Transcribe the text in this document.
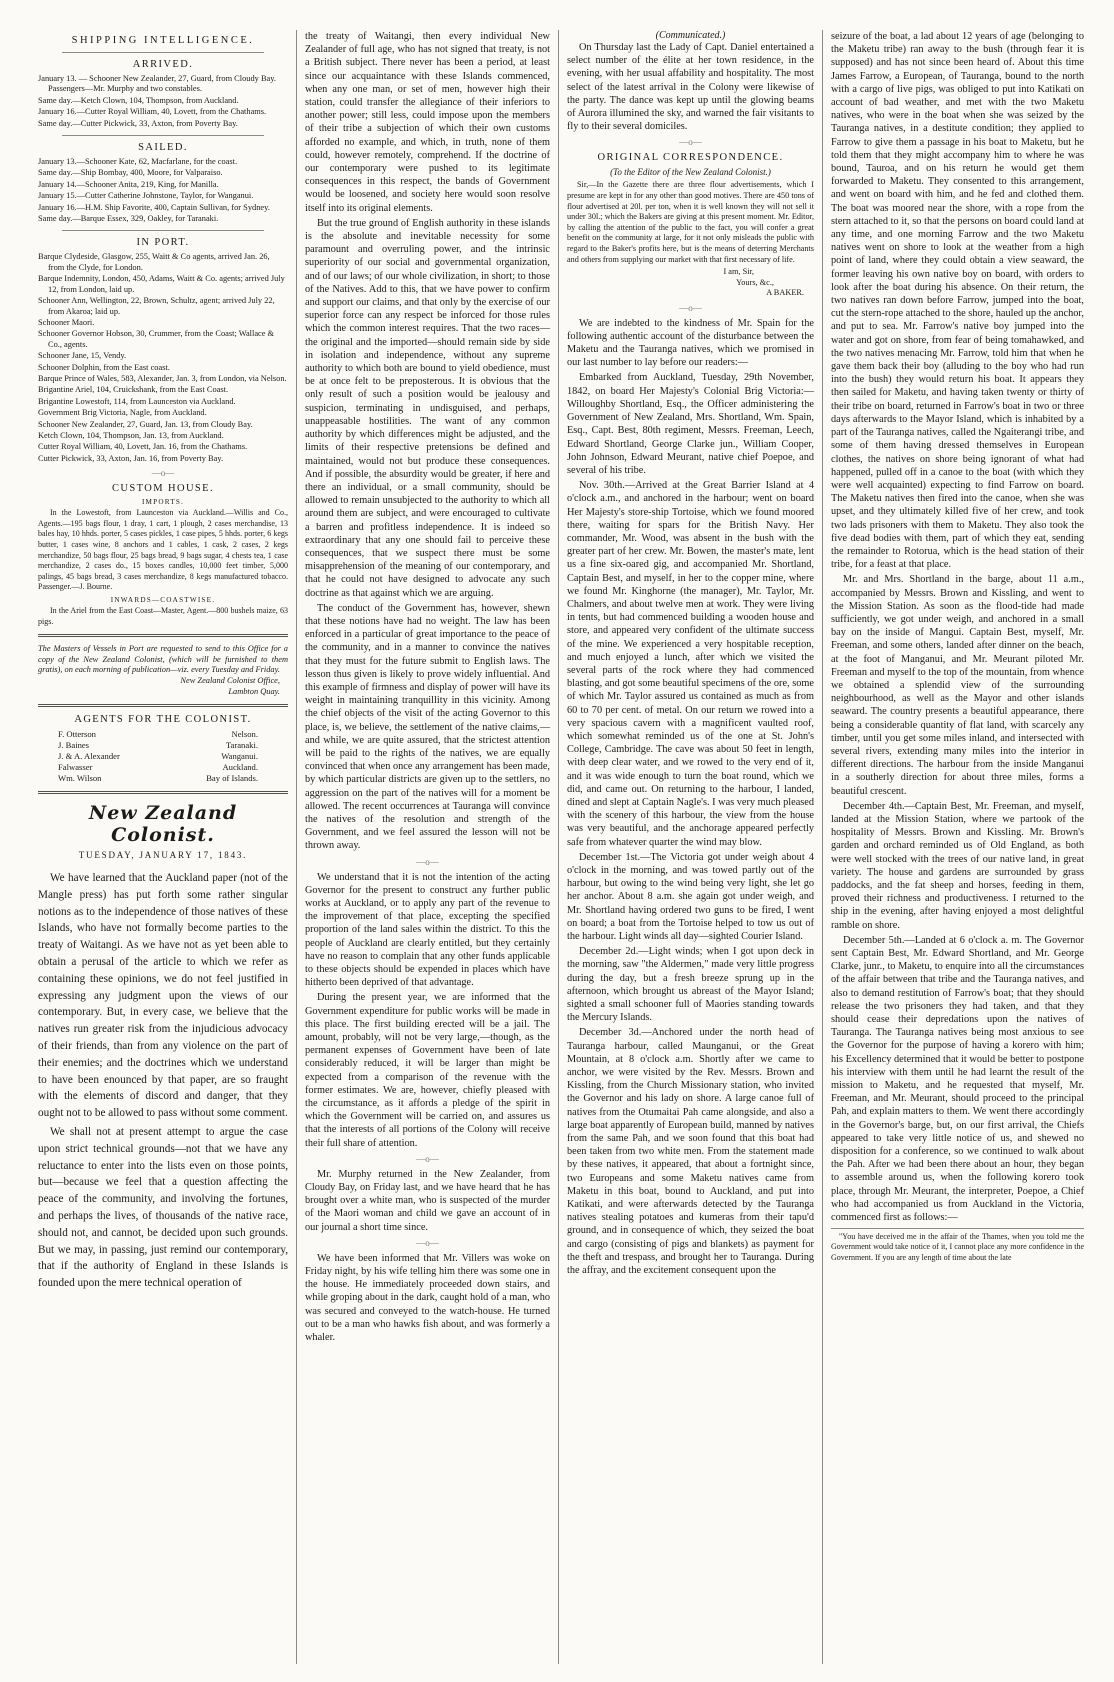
SHIPPING INTELLIGENCE.
ARRIVED.
January 13. — Schooner New Zealander, 27, Guard, from Cloudy Bay. Passengers—Mr. Murphy and two constables.
Same day.—Ketch Clown, 104, Thompson, from Auckland.
January 16.—Cutter Royal William, 40, Lovett, from the Chathams.
Same day.—Cutter Pickwick, 33, Axton, from Poverty Bay.
SAILED.
January 13.—Schooner Kate, 62, Macfarlane, for the coast.
Same day.—Ship Bombay, 400, Moore, for Valparaiso.
January 14.—Schooner Anita, 219, King, for Manilla.
January 15.—Cutter Catherine Johnstone, Taylor, for Wanganui.
January 16.—H.M. Ship Favorite, 400, Captain Sullivan, for Sydney.
Same day.—Barque Essex, 329, Oakley, for Taranaki.
IN PORT.
Barque Clydeside, Glasgow, 255, Waitt & Co agents, arrived Jan. 26, from the Clyde, for London.
Barque Indemnity, London, 450, Adams, Waitt & Co. agents; arrived July 12, from London, laid up.
Schooner Ann, Wellington, 22, Brown, Schultz, agent; arrived July 22, from Akaroa; laid up.
Schooner Maori.
Schooner Governor Hobson, 30, Crummer, from the Coast; Wallace & Co., agents.
Schooner Jane, 15, Vendy.
Schooner Dolphin, from the East coast.
Barque Prince of Wales, 583, Alexander, Jan. 3, from London, via Nelson.
Brigantine Ariel, 104, Cruickshank, from the East Coast.
Brigantine Lowestoft, 114, from Launceston via Auckland.
Government Brig Victoria, Nagle, from Auckland.
Schooner New Zealander, 27, Guard, Jan. 13, from Cloudy Bay.
Ketch Clown, 104, Thompson, Jan. 13, from Auckland.
Cutter Royal William, 40, Lovett, Jan. 16, from the Chathams.
Cutter Pickwick, 33, Axton, Jan. 16, from Poverty Bay.
—o—
CUSTOM HOUSE.
IMPORTS.

In the Lowestoft, from Launceston via Auckland.—Willis and Co., Agents.—195 bags flour, 1 dray, 1 cart, 1 plough, 2 cases merchandise, 13 bales hay, 10 hhds. porter, 5 cases pickles, 1 case pipes, 5 hhds. porter, 6 kegs butter, 1 cases wine, 8 anchors and 1 cables, 1 cask, 2 cases, 2 kegs merchandize, 50 bags flour, 25 bags bread, 9 bags sugar, 4 chests tea, 1 case merchandize, 2 cases do., 15 boxes candles, 10,000 feet timber, 5,000 palings, 45 bags bread, 3 cases merchandize, 8 kegs manufactured tobacco. Passenger.—J. Bourne.

INWARDS—COASTWISE.

In the Ariel from the East Coast—Master, Agent.—800 bushels maize, 63 pigs.

The Masters of Vessels in Port are requested to send to this Office for a copy of the New Zealand Colonist, (which will be furnished to them gratis), on each morning of publication—viz. every Tuesday and Friday.
New Zealand Colonist Office,
Lambton Quay.
AGENTS FOR THE COLONIST.
F. Otterson	Nelson.
J. Baines	Taranaki.
J. & A. Alexander	Wanganui.
Falwasser	Auckland.
Wm. Wilson	Bay of Islands.
New Zealand Colonist.
TUESDAY, JANUARY 17, 1843.

We have learned that the Auckland paper (not of the Mangle press) has put forth some rather singular notions as to the independence of those natives of these Islands, who have not formally become parties to the treaty of Waitangi. As we have not as yet been able to obtain a perusal of the article to which we refer as containing these opinions, we do not feel justified in expressing any judgment upon the views of our contemporary. But, in every case, we believe that the natives run greater risk from the injudicious advocacy of their friends, than from any violence on the part of their enemies; and the doctrines which we understand to have been enounced by that paper, are so fraught with the elements of discord and danger, that they ought not to be allowed to pass without some comment.

We shall not at present attempt to argue the case upon strict technical grounds—not that we have any reluctance to enter into the lists even on those points, but—because we feel that a question affecting the peace of the community, and involving the fortunes, and perhaps the lives, of thousands of the native race, should not, and cannot, be decided upon such grounds. But we may, in passing, just remind our contemporary, that if the authority of England in these Islands is founded upon the mere technical operation of

the treaty of Waitangi, then every individual New Zealander of full age, who has not signed that treaty, is not a British subject. There never has been a period, at least since our acquaintance with these Islands commenced, when any one man, or set of men, however high their station, could transfer the allegiance of their inferiors to another power; still less, could impose upon the members of their tribe a subjection of which their own customs afforded no example, and which, in truth, none of them could, however remotely, comprehend. If the doctrine of our contemporary were pushed to its legitimate consequences in this respect, the bands of Government would be loosened, and society here would soon resolve itself into its original elements.

But the true ground of English authority in these islands is the absolute and inevitable necessity for some paramount and overruling power, and the intrinsic superiority of our social and governmental organization, and of our laws; of our whole civilization, in short; to those of the Natives. Add to this, that we have power to confirm and support our claims, and that only by the exercise of our superior force can any respect be inforced for those rules which the common interest requires. That the two races—the original and the imported—should remain side by side in isolation and independence, without any supreme authority to which both are bound to yield obedience, must be at once felt to be preposterous. It is obvious that the only result of such a position would be jealousy and suspicion, terminating in undisguised, and perhaps, unappeasable hostilities. The want of any common authority by which differences might be adjusted, and the limits of their respective pretensions be defined and maintained, would not but produce these consequences. And if possible, the absurdity would be greater, if here and there an individual, or a small community, should be allowed to remain unsubjected to the authority to which all around them are subject, and were encouraged to cultivate a barren and profitless independence. It is indeed so extraordinary that any one should fail to perceive these consequences, that we suspect there must be some misapprehension of the meaning of our contemporary, and that he could not have designed to advocate any such doctrine as that against which we are arguing.

The conduct of the Government has, however, shewn that these notions have had no weight. The law has been enforced in a particular of great importance to the peace of the community, and in a manner to convince the natives that they must for the future submit to English laws. The lesson thus given is likely to prove widely influential. And this example of firmness and display of power will have its weight in maintaining tranquillity in this vicinity. Among the chief objects of the visit of the acting Governor to this place, is, we believe, the settlement of the native claims,—and while, we are quite assured, that the strictest attention will be paid to the rights of the natives, we are equally convinced that when once any arrangement has been made, by which particular districts are given up to the settlers, no aggression on the part of the natives will for a moment be allowed. The recent occurrences at Tauranga will convince the natives of the resolution and strength of the Government, and we feel assured the lesson will not be thrown away.

—o—

We understand that it is not the intention of the acting Governor for the present to construct any further public works at Auckland, or to apply any part of the revenue to the improvement of that place, excepting the specified proportion of the land sales within the district. To this the people of Auckland are clearly entitled, but they certainly have no reason to complain that any other funds applicable to these objects should be expended in places which have hitherto been deprived of that advantage.

During the present year, we are informed that the Government expenditure for public works will be made in this place. The first building erected will be a jail. The amount, probably, will not be very large,—though, as the permanent expenses of Government have been of late considerably reduced, it will be larger than might be expected from a comparison of the revenue with the former estimates. We are, however, chiefly pleased with the circumstance, as it affords a pledge of the spirit in which the Government will be carried on, and assures us that the interests of all portions of the Colony will receive their full share of attention.

—o—

Mr. Murphy returned in the New Zealander, from Cloudy Bay, on Friday last, and we have heard that he has brought over a white man, who is suspected of the murder of the Maori woman and child we gave an account of in our journal a short time since.

—o—

We have been informed that Mr. Villers was woke on Friday night, by his wife telling him there was some one in the house. He immediately proceeded down stairs, and while groping about in the dark, caught hold of a man, who was secured and conveyed to the watch-house. He turned out to be a man who hawks fish about, and was formerly a whaler.

(Communicated.)

On Thursday last the Lady of Capt. Daniel entertained a select number of the élite at her town residence, in the evening, with her usual affability and hospitality. The most select of the latest arrival in the Colony were likewise of the party. The dance was kept up until the glowing beams of Aurora illumined the sky, and warned the fair visitants to fly to their several domiciles.

—o—
ORIGINAL CORRESPONDENCE.
(To the Editor of the New Zealand Colonist.)

Sir,—In the Gazette there are three flour advertisements, which I presume are kept in for any other than good motives. There are 450 tons of flour advertised at 20l. per ton, when it is well known they will not sell it under 30l.; which the Bakers are giving at this present moment. Mr. Editor, by calling the attention of the public to the fact, you will confer a great benefit on the community at large, for it not only misleads the public with regard to the Baker's profits here, but is the means of deterring Merchants and others from supplying our market with that first necessary of life.

I am, Sir,
Yours, &c.,
A BAKER.
—o—

We are indebted to the kindness of Mr. Spain for the following authentic account of the disturbance between the Maketu and the Tauranga natives, which we promised in our last number to lay before our readers:—

Embarked from Auckland, Tuesday, 29th November, 1842, on board Her Majesty's Colonial Brig Victoria:—Willoughby Shortland, Esq., the Officer administering the Government of New Zealand, Mrs. Shortland, Wm. Spain, Esq., Capt. Best, 80th regiment, Messrs. Freeman, Leech, Edward Shortland, George Clarke jun., William Cooper, John Johnson, Edward Meurant, native chief Poepoe, and several of his tribe.

Nov. 30th.—Arrived at the Great Barrier Island at 4 o'clock a.m., and anchored in the harbour; went on board Her Majesty's store-ship Tortoise, which we found moored there, waiting for spars for the British Navy. Her commander, Mr. Wood, was absent in the bush with the greater part of her crew. Mr. Bowen, the master's mate, lent us a fine six-oared gig, and accompanied Mr. Shortland, Captain Best, and myself, in her to the copper mine, where we found Mr. Kinghorne (the manager), Mr. Taylor, Mr. Chalmers, and about twelve men at work. They were living in tents, but had commenced building a wooden house and store, and appeared very confident of the ultimate success of the mine. We experienced a very hospitable reception, and much enjoyed a lunch, after which we visited the several parts of the rock where they had commenced blasting, and got some beautiful specimens of the ore, some of which Mr. Taylor assured us contained as much as from 60 to 70 per cent. of metal. On our return we rowed into a very spacious cavern with a magnificent vaulted roof, which somewhat reminded us of the one at St. John's College, Cambridge. The cave was about 50 feet in length, with deep clear water, and we rowed to the very end of it, and it was wide enough to turn the boat round, which we did, and came out. On returning to the harbour, I landed, dined and slept at Captain Nagle's. I was very much pleased with the scenery of this harbour, the view from the house was very beautiful, and the anchorage appeared perfectly safe from whatever quarter the wind may blow.

December 1st.—The Victoria got under weigh about 4 o'clock in the morning, and was towed partly out of the harbour, but owing to the wind being very light, she let go her anchor. About 8 a.m. she again got under weigh, and Mr. Shortland having ordered two guns to be fired, I went on board; a boat from the Tortoise helped to tow us out of the harbour. Light winds all day—sighted Courier Island.

December 2d.—Light winds; when I got upon deck in the morning, saw "the Aldermen," made very little progress during the day, but a fresh breeze sprung up in the afternoon, which brought us abreast of the Mayor Island; sighted a small schooner full of Maories standing towards the Mercury Islands.

December 3d.—Anchored under the north head of Tauranga harbour, called Maunganui, or the Great Mountain, at 8 o'clock a.m. Shortly after we came to anchor, we were visited by the Rev. Messrs. Brown and Kissling, from the Church Missionary station, who invited the Governor and his lady on shore. A large canoe full of natives from the Otumaitai Pah came alongside, and also a large boat apparently of European build, manned by natives from the same Pah, and we soon found that this boat had been taken from two white men. From the statement made by these natives, it appeared, that about a fortnight since, two Europeans and some Maketu natives came from Maketu in this boat, bound to Auckland, and put into Katikati, and were afterwards detected by the Tauranga natives stealing potatoes and kumeras from their tapu'd ground, and in consequence of which, they seized the boat and cargo (consisting of pigs and blankets) as payment for the theft and trespass, and brought her to Tauranga. During the affray, and the excitement consequent upon the

seizure of the boat, a lad about 12 years of age (belonging to the Maketu tribe) ran away to the bush (through fear it is supposed) and has not since been heard of. About this time James Farrow, a European, of Tauranga, bound to the north with a cargo of live pigs, was obliged to put into Katikati on account of bad weather, and met with the two Maketu natives, who were in the boat when she was seized by the Tauranga natives, in a destitute condition; they applied to Farrow to give them a passage in his boat to Maketu, but he told them that they might accompany him to where he was bound, Tauroa, and on his return he would get them forwarded to Maketu. They consented to this arrangement, and went on board with him, and he fed and clothed them. The boat was moored near the shore, with a rope from the stern attached to it, so that the persons on board could land at any time, and one morning Farrow and the two Maketu natives went on shore to look at the weather from a high point of land, where they could obtain a view seaward, the former leaving his own native boy on board, with orders to look after the boat during his absence. On their return, the two natives ran down before Farrow, jumped into the boat, cut the stern-rope attached to the shore, hauled up the anchor, and put to sea. Mr. Farrow's native boy jumped into the water and got on shore, from fear of being tomahawked, and the two natives menacing Mr. Farrow, told him that when he gave them back their boy (alluding to the boy who had run into the bush) they would return his boat. It appears they then sailed for Maketu, and having taken twenty or thirty of their tribe on board, returned in Farrow's boat in two or three days afterwards to the Mayor Island, which is inhabited by a part of the Tauranga natives, called the Ngaiterangi tribe, and some of them having dressed themselves in European clothes, the natives on shore being ignorant of what had happened, pulled off in a canoe to the boat (with which they were well acquainted) expecting to find Farrow on board. The Maketu natives then fired into the canoe, when she was upset, and they ultimately killed five of her crew, and took two lads prisoners with them to Maketu. They also took the five dead bodies with them, part of which they eat, sending the remainder to Rotorua, which is the head station of their tribe, for a feast at that place.

Mr. and Mrs. Shortland in the barge, about 11 a.m., accompanied by Messrs. Brown and Kissling, and went to the Mission Station. As soon as the flood-tide had made sufficiently, we got under weigh, and anchored in a small bay on the inside of Mangui. Captain Best, myself, Mr. Freeman, and some others, landed after dinner on the beach, at the foot of Manganui, and Mr. Meurant piloted Mr. Freeman and myself to the top of the mountain, from whence we obtained a splendid view of the surrounding neighbourhood, as well as the Mayor and other islands seaward. The country presents a beautiful appearance, there being a considerable quantity of flat land, with scarcely any timber, until you get some miles inland, and intersected with several rivers, extending many miles into the interior in different directions. The harbour from the inside Manganui in a southerly direction for about three miles, forms a beautiful crescent.

December 4th.—Captain Best, Mr. Freeman, and myself, landed at the Mission Station, where we partook of the hospitality of Messrs. Brown and Kissling. Mr. Brown's garden and orchard reminded us of Old England, as both were well stocked with the trees of our native land, in great variety. The house and gardens are surrounded by grass paddocks, and the fat sheep and horses, feeding in them, proved their richness and productiveness. I returned to the ship in the evening, after having enjoyed a most delightful ramble on shore.

December 5th.—Landed at 6 o'clock a. m. The Governor sent Captain Best, Mr. Edward Shortland, and Mr. George Clarke, junr., to Maketu, to enquire into all the circumstances of the affair between that tribe and the Tauranga natives, and also to demand restitution of Farrow's boat; that they should release the two prisoners they had taken, and that they should cease their depredations upon the natives of Tauranga. The Tauranga natives being most anxious to see the Governor for the purpose of having a korero with him; his Excellency determined that it would be better to postpone his interview with them until he had learnt the result of the mission to Maketu, and he requested that myself, Mr. Freeman, and Mr. Meurant, should proceed to the principal Pah, and explain matters to them. We went there accordingly in the Governor's barge, but, on our first arrival, the Chiefs appeared to take very little notice of us, and shewed no disposition for a conference, so we continued to walk about the Pah. After we had been there about an hour, they began to assemble around us, when the following korero took place, through Mr. Meurant, the interpreter, Poepoe, a Chief who had accompanied us from Auckland in the Victoria, commenced first as follows:—

"You have deceived me in the affair of the Thames, when you told me the Government would take notice of it, I cannot place any more confidence in the Government. If you are any length of time about the late
